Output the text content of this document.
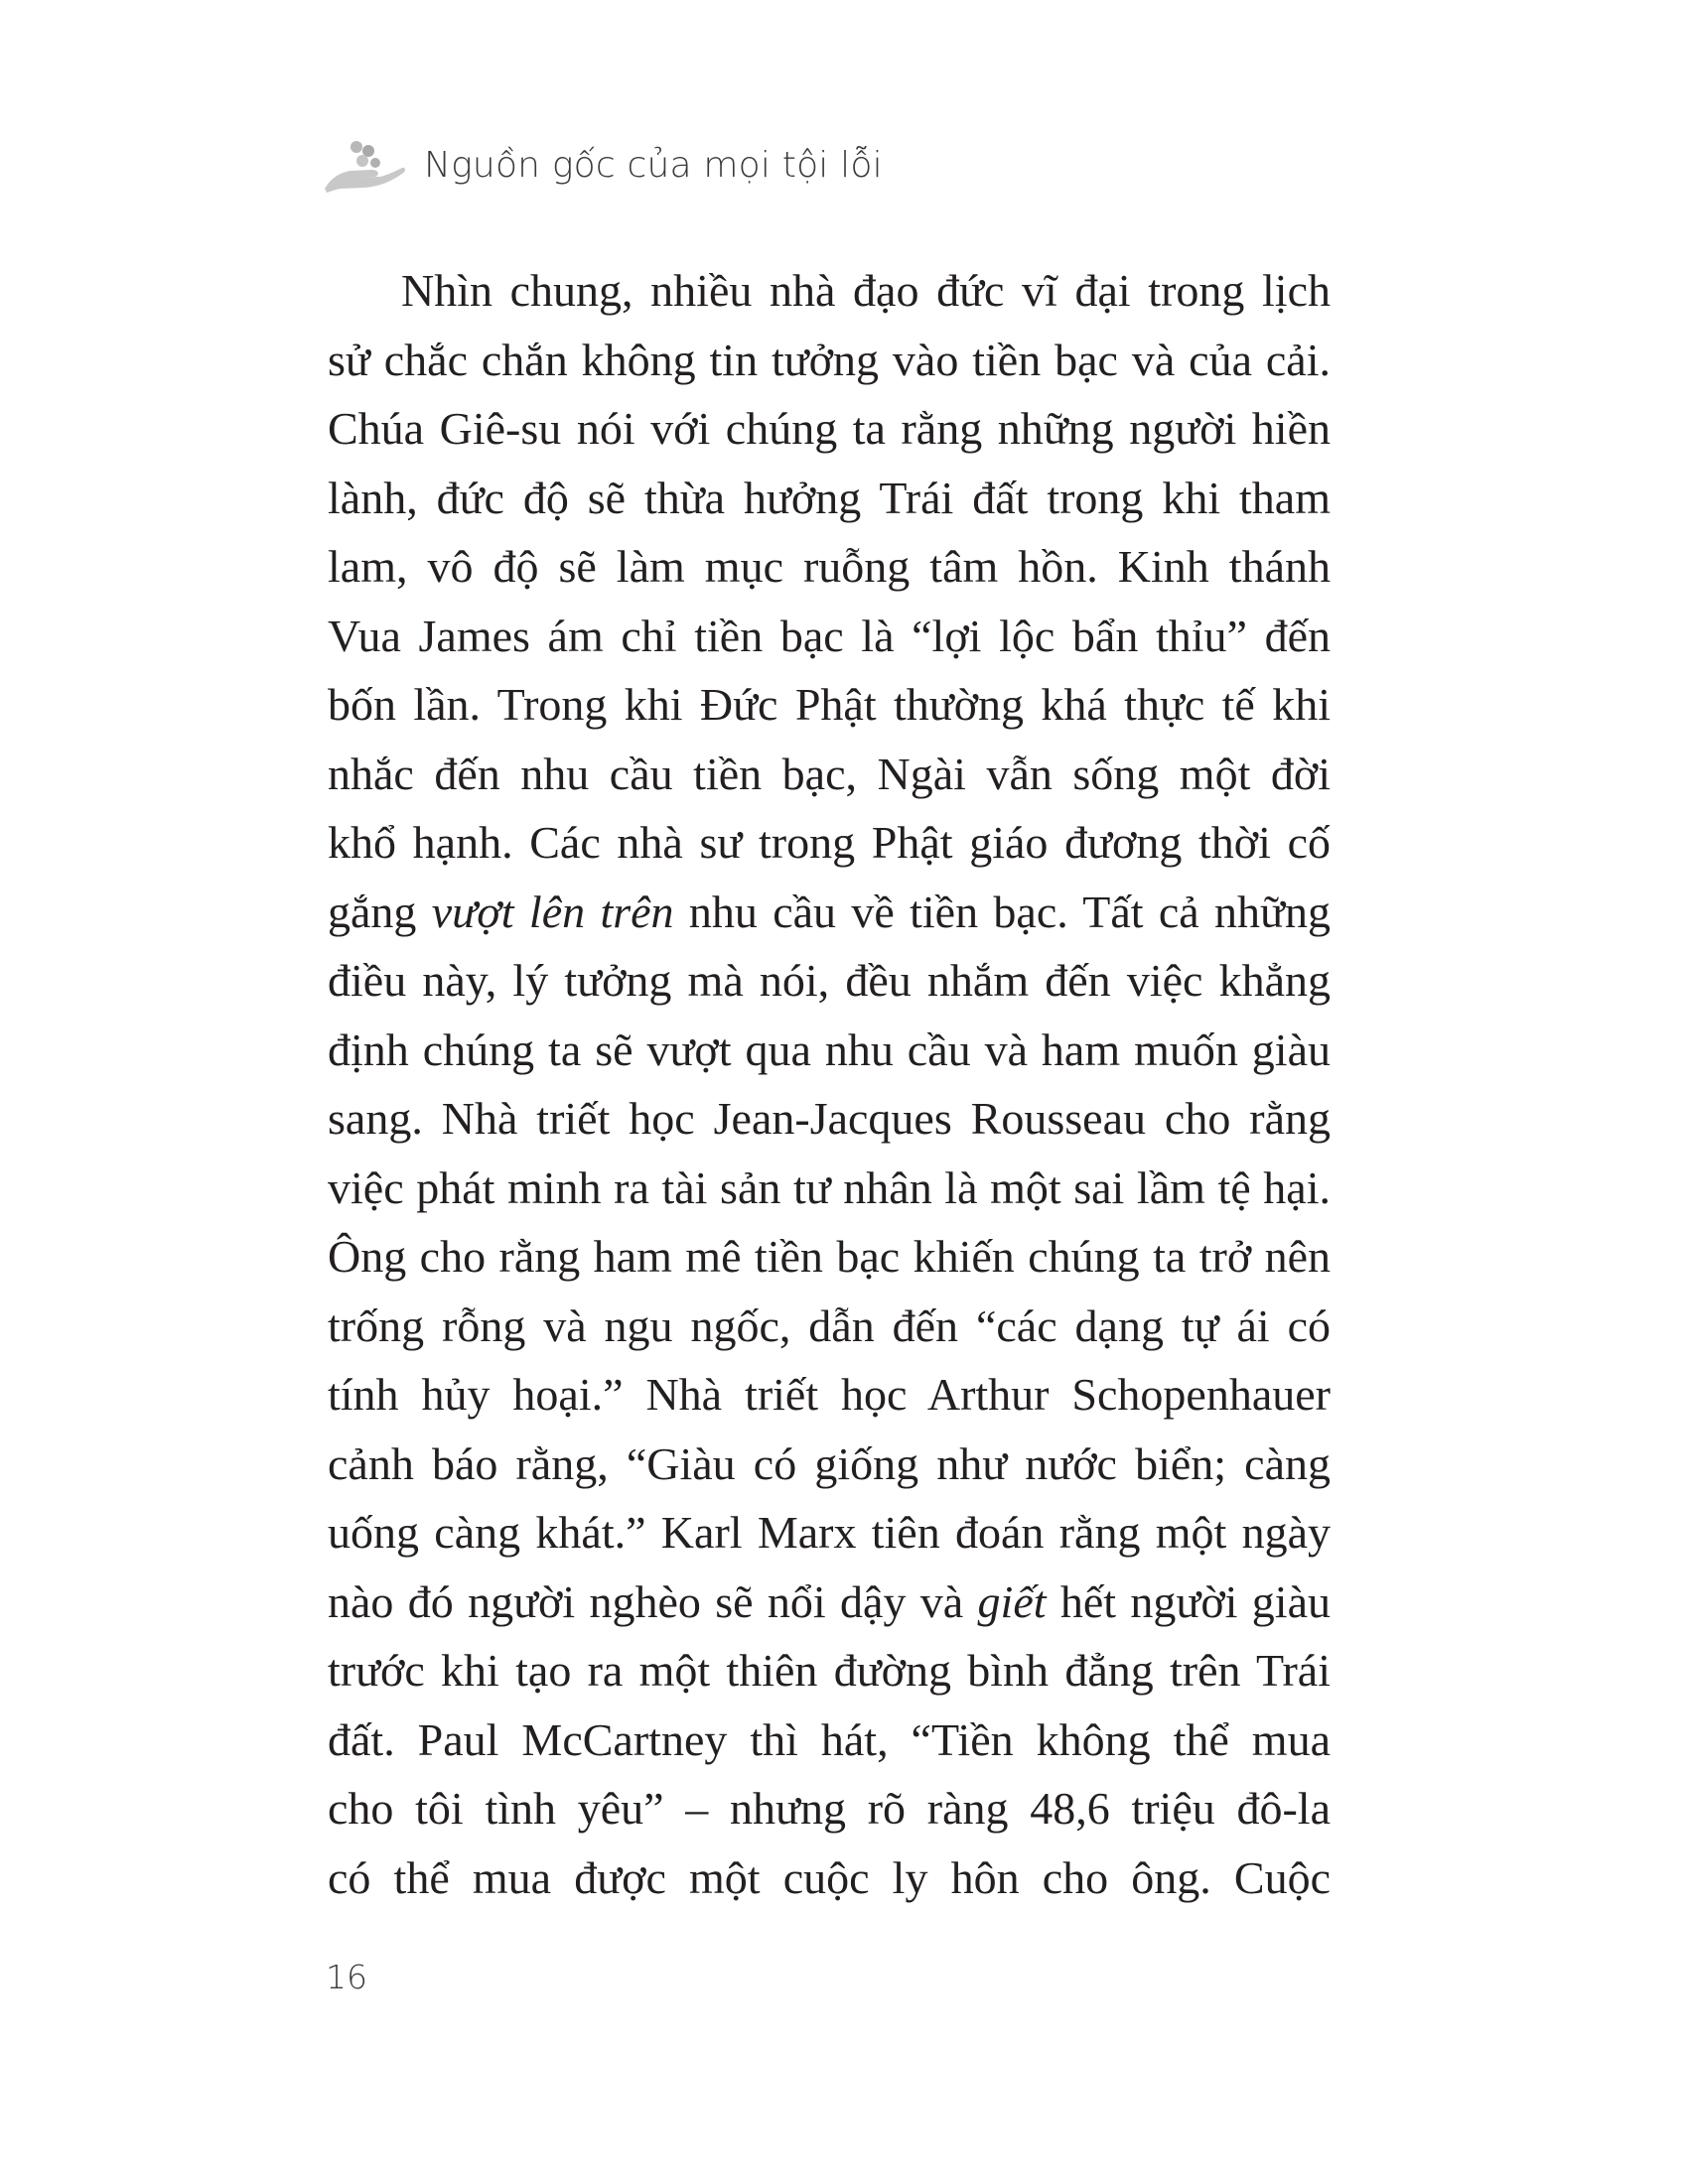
Nguồn gốc của mọi tội lỗi
Nhìn chung, nhiều nhà đạo đức vĩ đại trong lịch
sử chắc chắn không tin tưởng vào tiền bạc và của cải.
Chúa Giê-su nói với chúng ta rằng những người hiền
lành, đức độ sẽ thừa hưởng Trái đất trong khi tham
lam, vô độ sẽ làm mục ruỗng tâm hồn. Kinh thánh
Vua James ám chỉ tiền bạc là “lợi lộc bẩn thỉu” đến
bốn lần. Trong khi Đức Phật thường khá thực tế khi
nhắc đến nhu cầu tiền bạc, Ngài vẫn sống một đời
khổ hạnh. Các nhà sư trong Phật giáo đương thời cố
gắng vượt lên trên nhu cầu về tiền bạc. Tất cả những
điều này, lý tưởng mà nói, đều nhắm đến việc khẳng
định chúng ta sẽ vượt qua nhu cầu và ham muốn giàu
sang. Nhà triết học Jean-Jacques Rousseau cho rằng
việc phát minh ra tài sản tư nhân là một sai lầm tệ hại.
Ông cho rằng ham mê tiền bạc khiến chúng ta trở nên
trống rỗng và ngu ngốc, dẫn đến “các dạng tự ái có
tính hủy hoại.” Nhà triết học Arthur Schopenhauer
cảnh báo rằng, “Giàu có giống như nước biển; càng
uống càng khát.” Karl Marx tiên đoán rằng một ngày
nào đó người nghèo sẽ nổi dậy và giết hết người giàu
trước khi tạo ra một thiên đường bình đẳng trên Trái
đất. Paul McCartney thì hát, “Tiền không thể mua
cho tôi tình yêu” – nhưng rõ ràng 48,6 triệu đô-la
có thể mua được một cuộc ly hôn cho ông. Cuộc
16
